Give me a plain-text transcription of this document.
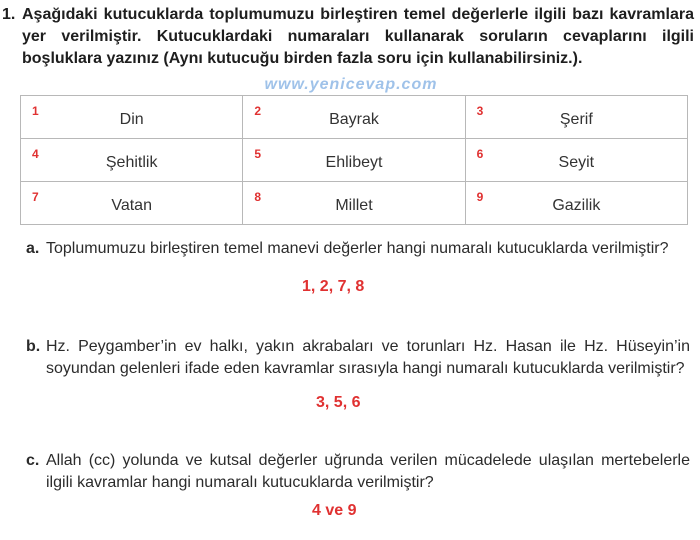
1. Aşağıdaki kutucuklarda toplumumuzu birleştiren temel değerlerle ilgili bazı kavramlara yer verilmiştir. Kutucuklardaki numaraları kullanarak soruların cevaplarını ilgili boşluklara yazınız (Aynı kutucuğu birden fazla soru için kullanabilirsiniz.).
www.yenicevap.com
1 Din	2 Bayrak	3 Şerif

4 Şehitlik	5 Ehlibeyt	6 Seyit

7 Vatan	8 Millet	9 Gazilik
a. Toplumumuzu birleştiren temel manevi değerler hangi numaralı kutucuklarda verilmiştir?
1, 2, 7, 8
b. Hz. Peygamber’in ev halkı, yakın akrabaları ve torunları Hz. Hasan ile Hz. Hüseyin’in soyundan gelenleri ifade eden kavramlar sırasıyla hangi numaralı kutucuklarda verilmiştir?
3, 5, 6
c. Allah (cc) yolunda ve kutsal değerler uğrunda verilen mücadelede ulaşılan mertebelerle ilgili kavramlar hangi numaralı kutucuklarda verilmiştir?
4 ve 9
